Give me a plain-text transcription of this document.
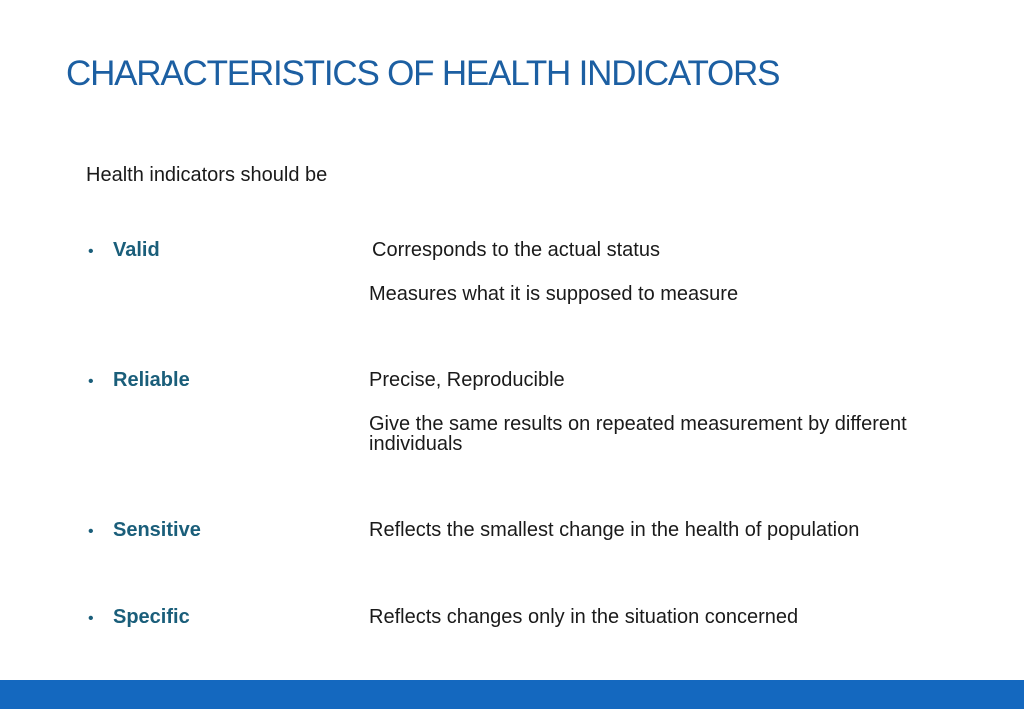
CHARACTERISTICS OF HEALTH INDICATORS
Health indicators should be
• Valid	Corresponds to the actual status
Measures what it is supposed to measure
• Reliable	Precise, Reproducible
Give the same results on repeated measurement by different individuals
• Sensitive	Reflects the smallest change in the health of population
• Specific	Reflects changes only in the situation concerned
